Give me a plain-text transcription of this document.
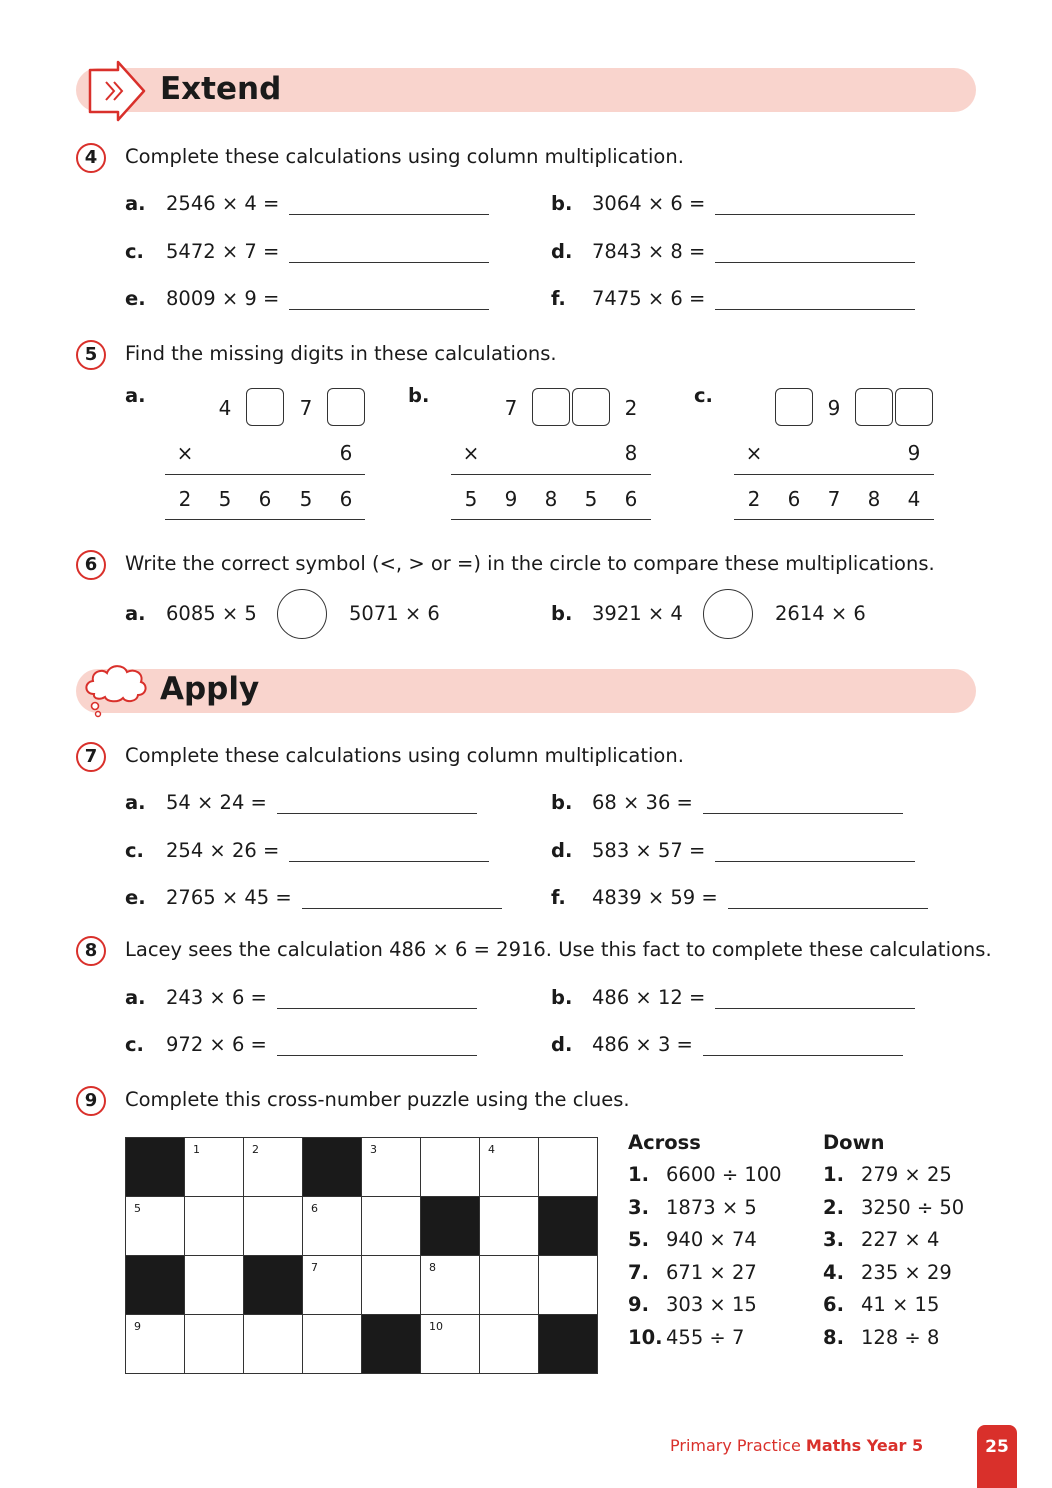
Extend
4	Complete these calculations using column multiplication.
a.	2546 × 4 =	b.	3064 × 6 =
c.	5472 × 7 =	d.	7843 × 8 =
e.	8009 × 9 =	f.	7475 × 6 =
5	Find the missing digits in these calculations.
a.
4	7
×	6
2 5 6 5 6
b.
7	2
×	8
5 9 8 5 6
c.
9
×	9
2 6 7 8 4
6	Write the correct symbol (<, > or =) in the circle to compare these multiplications.
a.	6085 × 5	5071 × 6	b.	3921 × 4	2614 × 6
Apply
7	Complete these calculations using column multiplication.
a.	54 × 24 =	b.	68 × 36 =
c.	254 × 26 =	d.	583 × 57 =
e.	2765 × 45 =	f.	4839 × 59 =
8	Lacey sees the calculation 486 × 6 = 2916. Use this fact to complete these calculations.
a.	243 × 6 =	b.	486 × 12 =
c.	972 × 6 =	d.	486 × 3 =
9	Complete this cross-number puzzle using the clues.

	1	2		3		4	

5			6				

			7		8		

9					10		

Across
1. 6600 ÷ 100
3. 1873 × 5
5. 940 × 74
7. 671 × 27
9. 303 × 15
10. 455 ÷ 7
Down
1. 279 × 25
2. 3250 ÷ 50
3. 227 × 4
4. 235 × 29
6. 41 × 15
8. 128 ÷ 8
Primary Practice Maths Year 5	25
